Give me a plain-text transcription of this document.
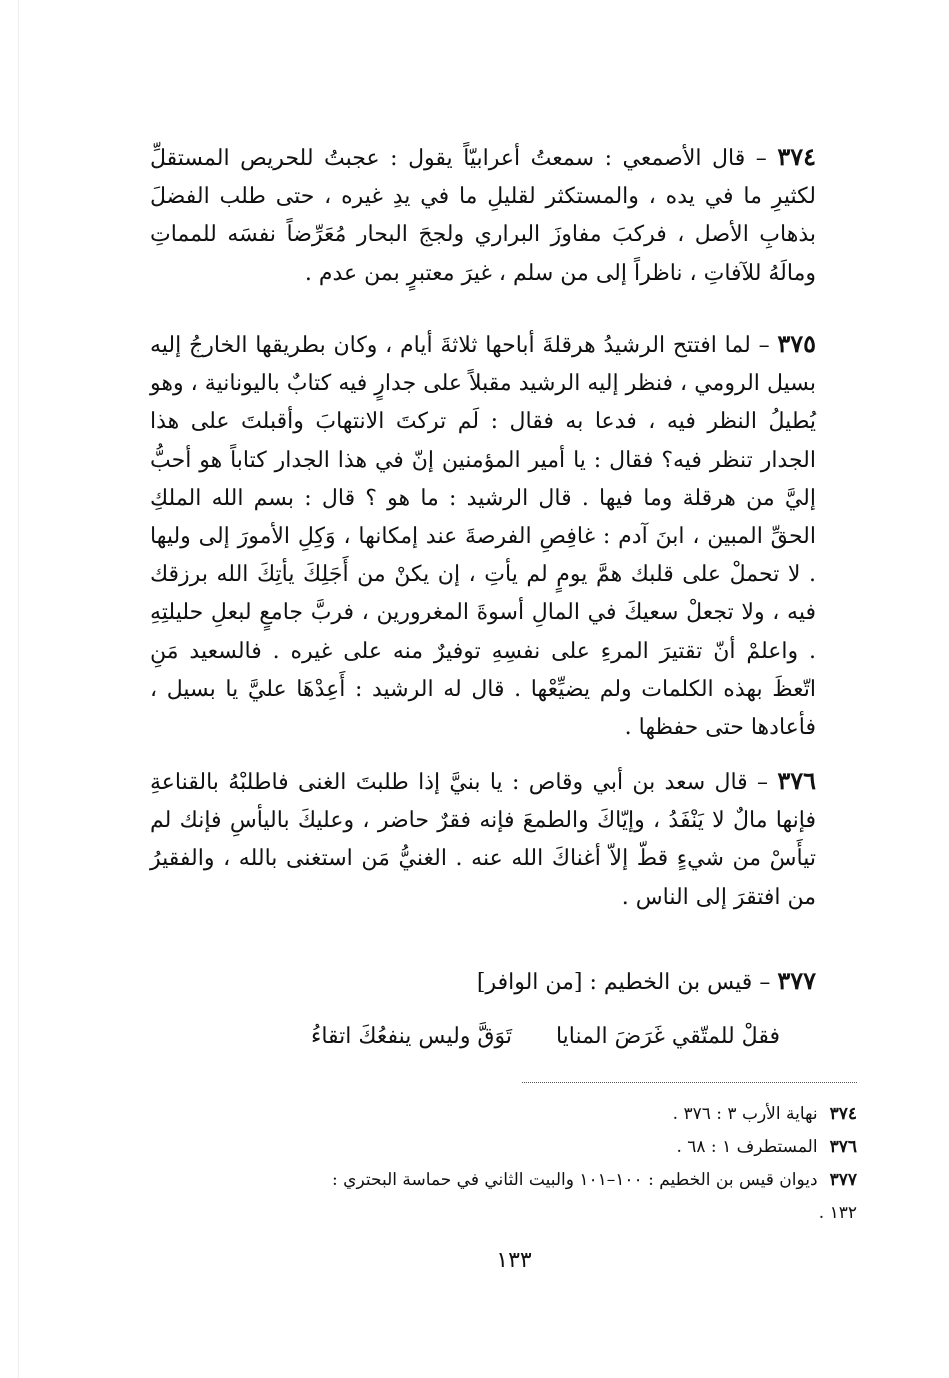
٣٧٤ – قال الأصمعي : سمعتُ أعرابيّاً يقول : عجبتُ للحريص المستقلِّ لكثيرِ ما في يده ، والمستكثر لقليلِ ما في يدِ غيره ، حتى طلب الفضلَ بذهابِ الأصل ، فركبَ مفاوزَ البراري ولججَ البحار مُعَرِّضاً نفسَه للمماتِ ومالَهُ للآفاتِ ، ناظراً إلى من سلم ، غيرَ معتبرٍ بمن عدم .

٣٧٥ – لما افتتح الرشيدُ هرقلةَ أباحها ثلاثةَ أيام ، وكان بطريقها الخارجُ إليه بسيل الرومي ، فنظر إليه الرشيد مقبلاً على جدارٍ فيه كتابٌ باليونانية ، وهو يُطيلُ النظر فيه ، فدعا به فقال : لَم تركتَ الانتهابَ وأقبلتَ على هذا الجدار تنظر فيه؟ فقال : يا أمير المؤمنين إنّ في هذا الجدار كتاباً هو أحبُّ إليَّ من هرقلة وما فيها . قال الرشيد : ما هو ؟ قال : بسم الله الملكِ الحقِّ المبين ، ابنَ آدم : غافِصِ الفرصةَ عند إمكانها ، وَكِلِ الأمورَ إلى وليها . لا تحملْ على قلبك همَّ يومٍ لم يأتِ ، إن يكنْ من أَجَلِكَ يأتِكَ الله برزقك فيه ، ولا تجعلْ سعيكَ في المالِ أسوةَ المغرورين ، فربَّ جامعٍ لبعلِ حليلتِهِ . واعلمْ أنّ تقتيرَ المرءِ على نفسِهِ توفيرٌ منه على غيره . فالسعيد مَنِ اتّعظَ بهذه الكلمات ولم يضيِّعْها . قال له الرشيد : أَعِدْهَا عليَّ يا بسيل ، فأعادها حتى حفظها .

٣٧٦ – قال سعد بن أبي وقاص : يا بنيَّ إذا طلبتَ الغنى فاطلبْهُ بالقناعةِ فإنها مالٌ لا يَنْفَدُ ، وإيّاكَ والطمعَ فإنه فقرٌ حاضر ، وعليكَ باليأسِ فإنك لم تيأَسْ من شيءٍ قطّ إلاّ أغناكَ الله عنه . الغنيُّ مَن استغنى بالله ، والفقيرُ من افتقرَ إلى الناس .

٣٧٧ – قيس بن الخطيم : [من الوافر]

فقلْ للمتّقي غَرَضَ المنايا
تَوَقَّ وليس ينفعُكَ اتقاءُ
٣٧٤نهاية الأرب ٣ : ٣٧٦ .
٣٧٦المستطرف ١ : ٦٨ .
٣٧٧ديوان قيس بن الخطيم : ١٠٠–١٠١ والبيت الثاني في حماسة البحتري : ١٣٢ .
١٣٣
